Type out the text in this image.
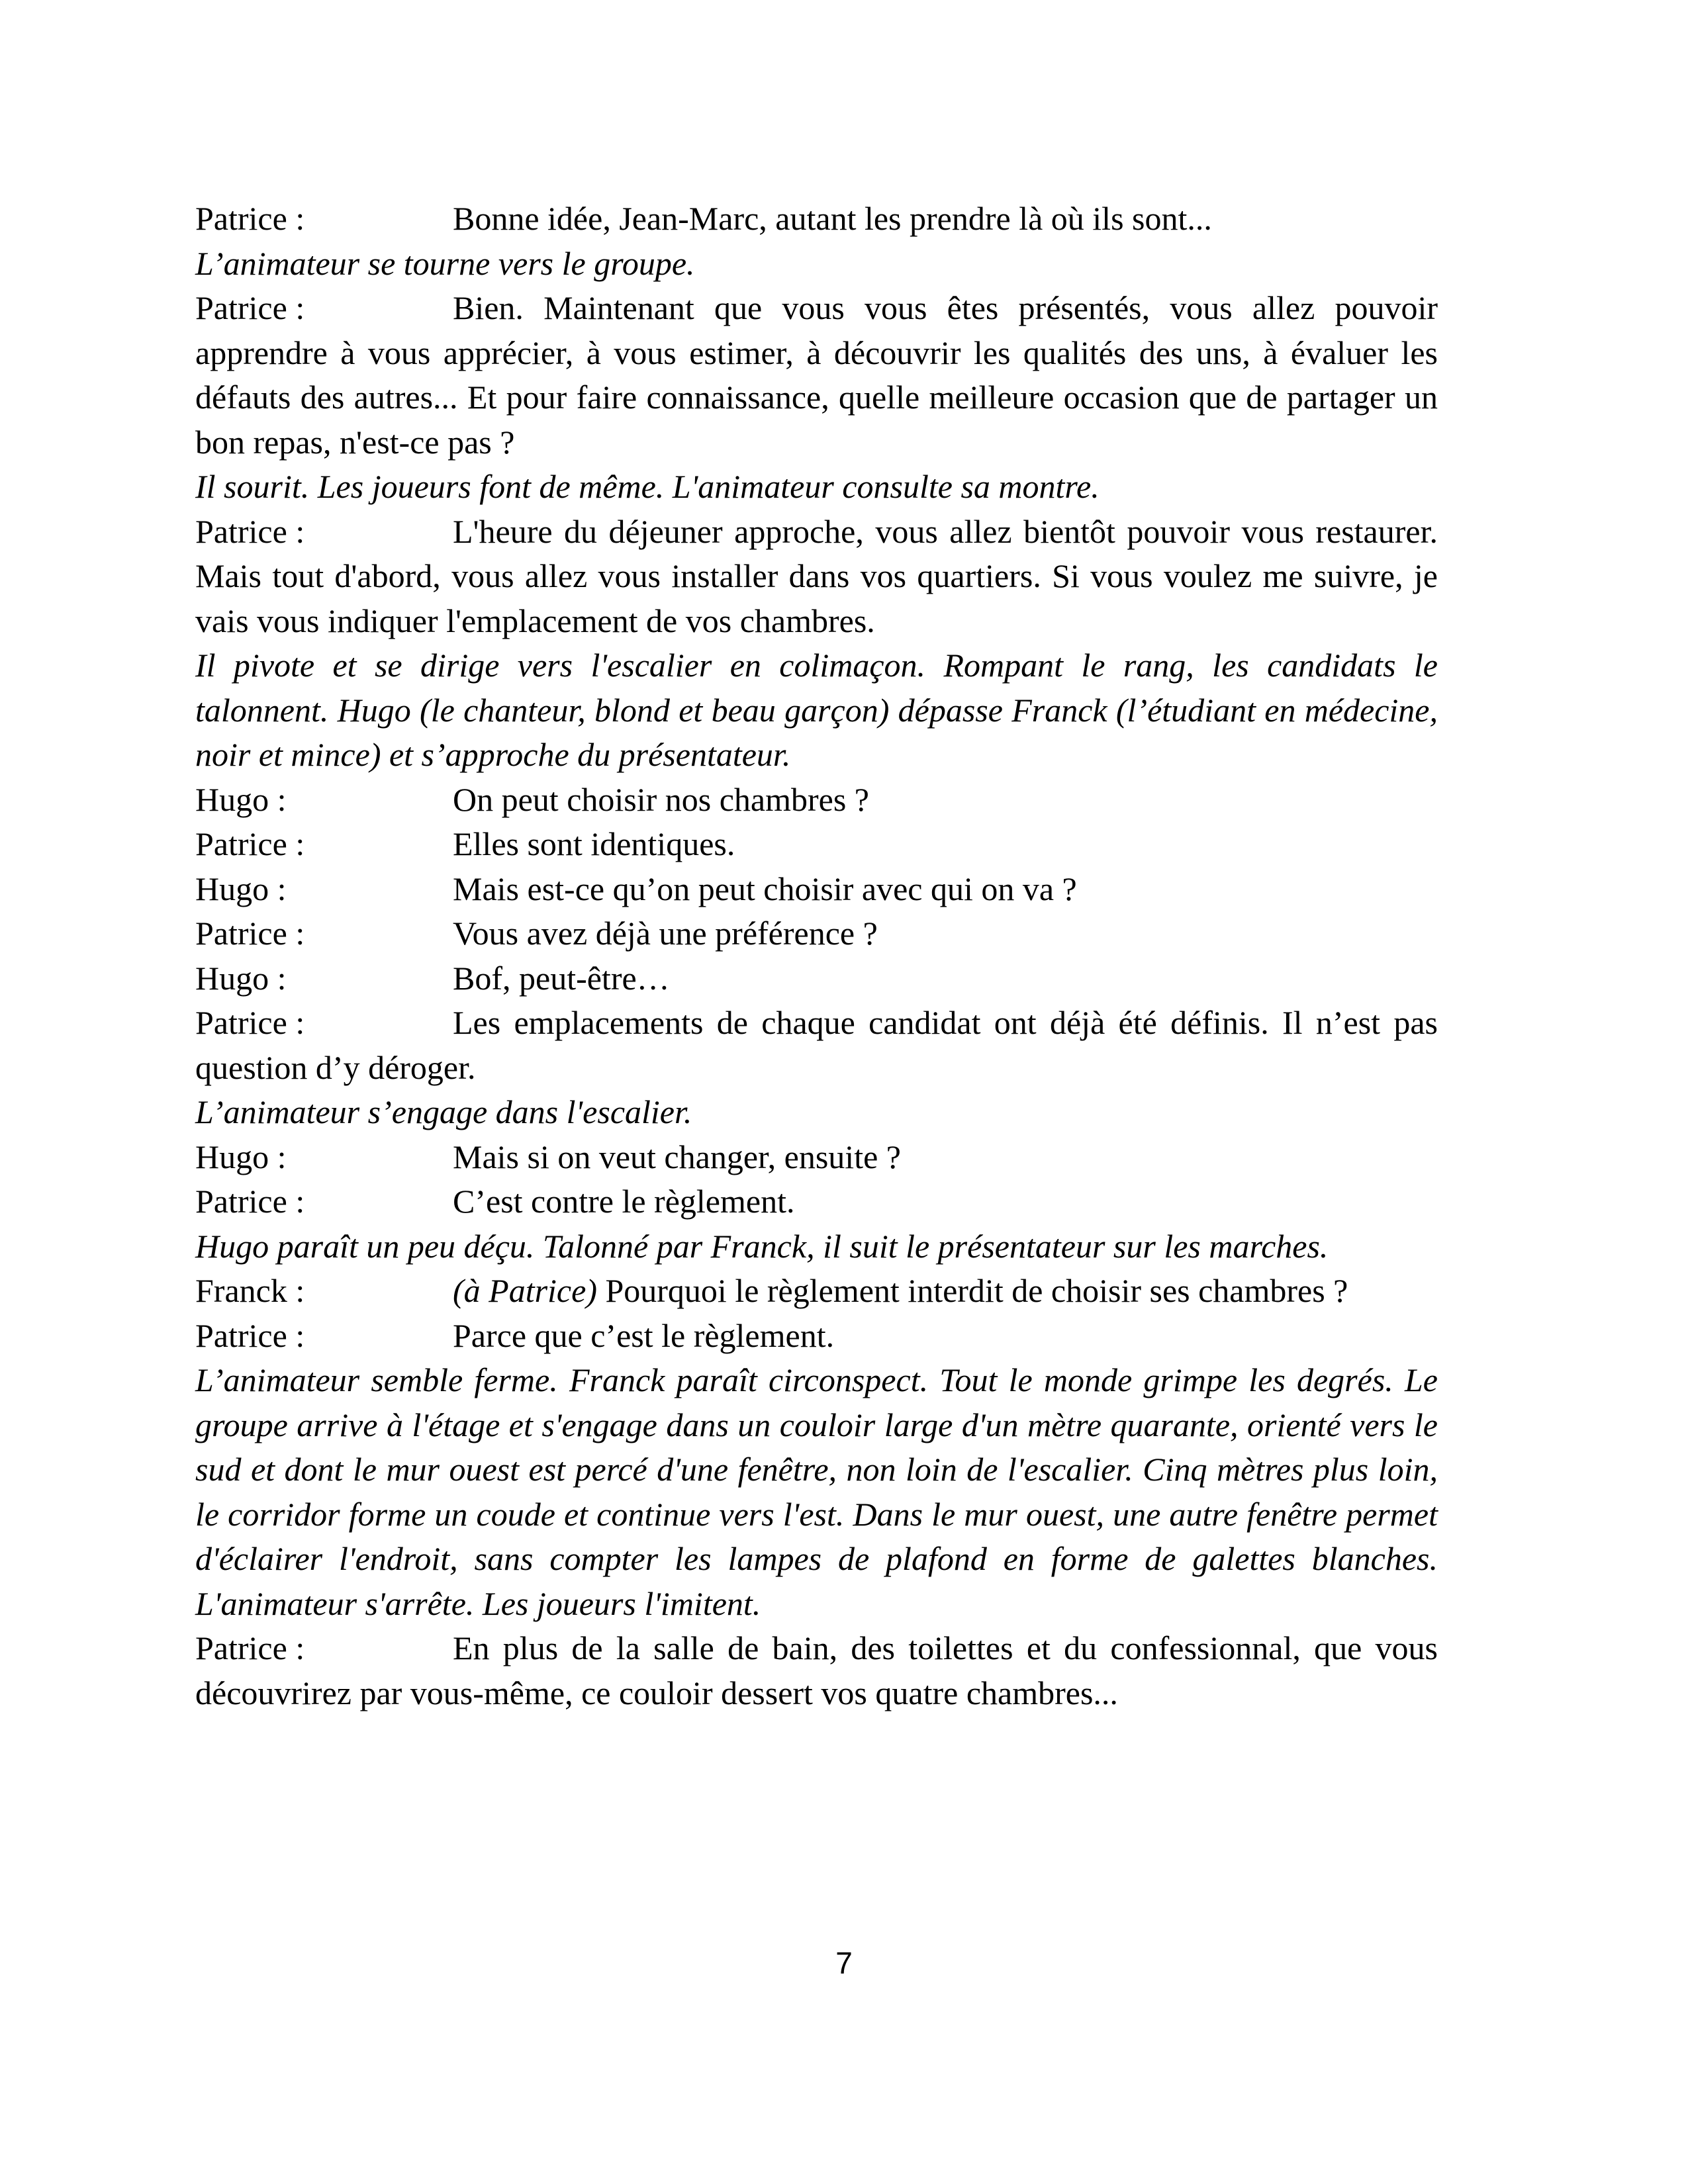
Patrice :	Bonne idée, Jean-Marc, autant les prendre là où ils sont...

L’animateur se tourne vers le groupe.

Patrice :	Bien. Maintenant que vous vous êtes présentés, vous allez pouvoir apprendre à vous apprécier, à vous estimer, à découvrir les qualités des uns, à évaluer les défauts des autres... Et pour faire connaissance, quelle meilleure occasion que de partager un bon repas, n'est-ce pas ?

Il sourit. Les joueurs font de même. L'animateur consulte sa montre.

Patrice :	L'heure du déjeuner approche, vous allez bientôt pouvoir vous restaurer. Mais tout d'abord, vous allez vous installer dans vos quartiers. Si vous voulez me suivre, je vais vous indiquer l'emplacement de vos chambres.

Il pivote et se dirige vers l'escalier en colimaçon. Rompant le rang, les candidats le talonnent. Hugo (le chanteur, blond et beau garçon) dépasse Franck (l’étudiant en médecine, noir et mince) et s’approche du présentateur.

Hugo :	On peut choisir nos chambres ?

Patrice :	Elles sont identiques.

Hugo :	Mais est-ce qu’on peut choisir avec qui on va ?

Patrice :	Vous avez déjà une préférence ?

Hugo :	Bof, peut-être…

Patrice :	Les emplacements de chaque candidat ont déjà été définis. Il n’est pas question d’y déroger.

L’animateur s’engage dans l'escalier.

Hugo :	Mais si on veut changer, ensuite ?

Patrice :	C’est contre le règlement.

Hugo paraît un peu déçu. Talonné par Franck, il suit le présentateur sur les marches.

Franck :	(à Patrice) Pourquoi le règlement interdit de choisir ses chambres ?

Patrice :	Parce que c’est le règlement.

L’animateur semble ferme. Franck paraît circonspect. Tout le monde grimpe les degrés. Le groupe arrive à l'étage et s'engage dans un couloir large d'un mètre quarante, orienté vers le sud et dont le mur ouest est percé d'une fenêtre, non loin de l'escalier. Cinq mètres plus loin, le corridor forme un coude et continue vers l'est. Dans le mur ouest, une autre fenêtre permet d'éclairer l'endroit, sans compter les lampes de plafond en forme de galettes blanches. L'animateur s'arrête. Les joueurs l'imitent.

Patrice :	En plus de la salle de bain, des toilettes et du confessionnal, que vous découvrirez par vous-même, ce couloir dessert vos quatre chambres...

7
